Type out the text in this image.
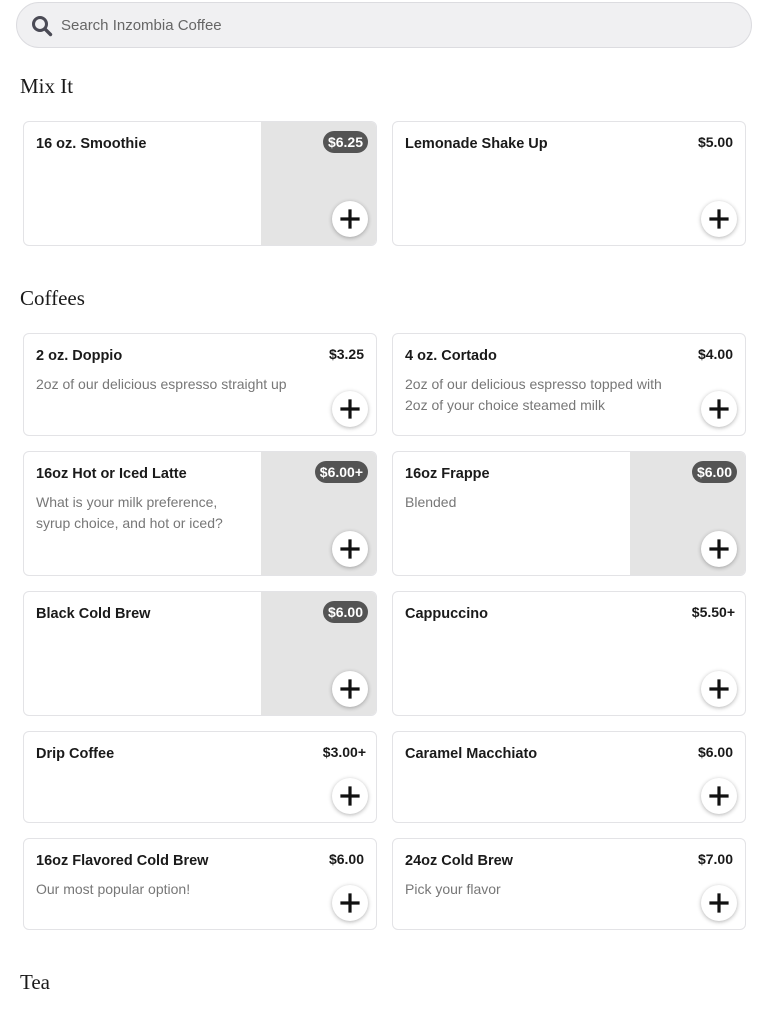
Search Inzombia Coffee
Mix It
16 oz. Smoothie	$6.25	Lemonade Shake Up	$5.00
Coffees
2 oz. Doppio
2oz of our delicious espresso straight up
$3.25	4 oz. Cortado
2oz of our delicious espresso topped with 2oz of your choice steamed milk
$4.00
16oz Hot or Iced Latte
What is your milk preference, syrup choice, and hot or iced?
$6.00+	16oz Frappe
Blended
$6.00
Black Cold Brew	$6.00	Cappuccino	$5.50+
Drip Coffee	$3.00+	Caramel Macchiato	$6.00
16oz Flavored Cold Brew
Our most popular option!
$6.00	24oz Cold Brew
Pick your flavor
$7.00
Tea
